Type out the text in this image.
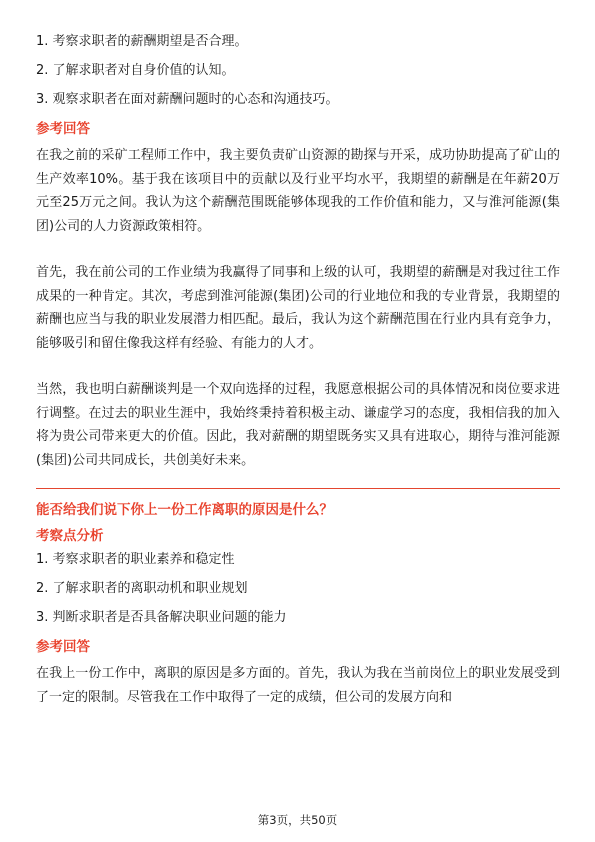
1. 考察求职者的薪酬期望是否合理。
2. 了解求职者对自身价值的认知。
3. 观察求职者在面对薪酬问题时的心态和沟通技巧。
参考回答

在我之前的采矿工程师工作中，我主要负责矿山资源的勘探与开采，成功协助提高了矿山的生产效率10%。基于我在该项目中的贡献以及行业平均水平，我期望的薪酬是在年薪20万元至25万元之间。我认为这个薪酬范围既能够体现我的工作价值和能力，又与淮河能源(集团)公司的人力资源政策相符。

首先，我在前公司的工作业绩为我赢得了同事和上级的认可，我期望的薪酬是对我过往工作成果的一种肯定。其次，考虑到淮河能源(集团)公司的行业地位和我的专业背景，我期望的薪酬也应当与我的职业发展潜力相匹配。最后，我认为这个薪酬范围在行业内具有竞争力，能够吸引和留住像我这样有经验、有能力的人才。

当然，我也明白薪酬谈判是一个双向选择的过程，我愿意根据公司的具体情况和岗位要求进行调整。在过去的职业生涯中，我始终秉持着积极主动、谦虚学习的态度，我相信我的加入将为贵公司带来更大的价值。因此，我对薪酬的期望既务实又具有进取心，期待与淮河能源(集团)公司共同成长，共创美好未来。

能否给我们说下你上一份工作离职的原因是什么？
考察点分析
1. 考察求职者的职业素养和稳定性
2. 了解求职者的离职动机和职业规划
3. 判断求职者是否具备解决职业问题的能力
参考回答

在我上一份工作中，离职的原因是多方面的。首先，我认为我在当前岗位上的职业发展受到了一定的限制。尽管我在工作中取得了一定的成绩，但公司的发展方向和

第3页，共50页
